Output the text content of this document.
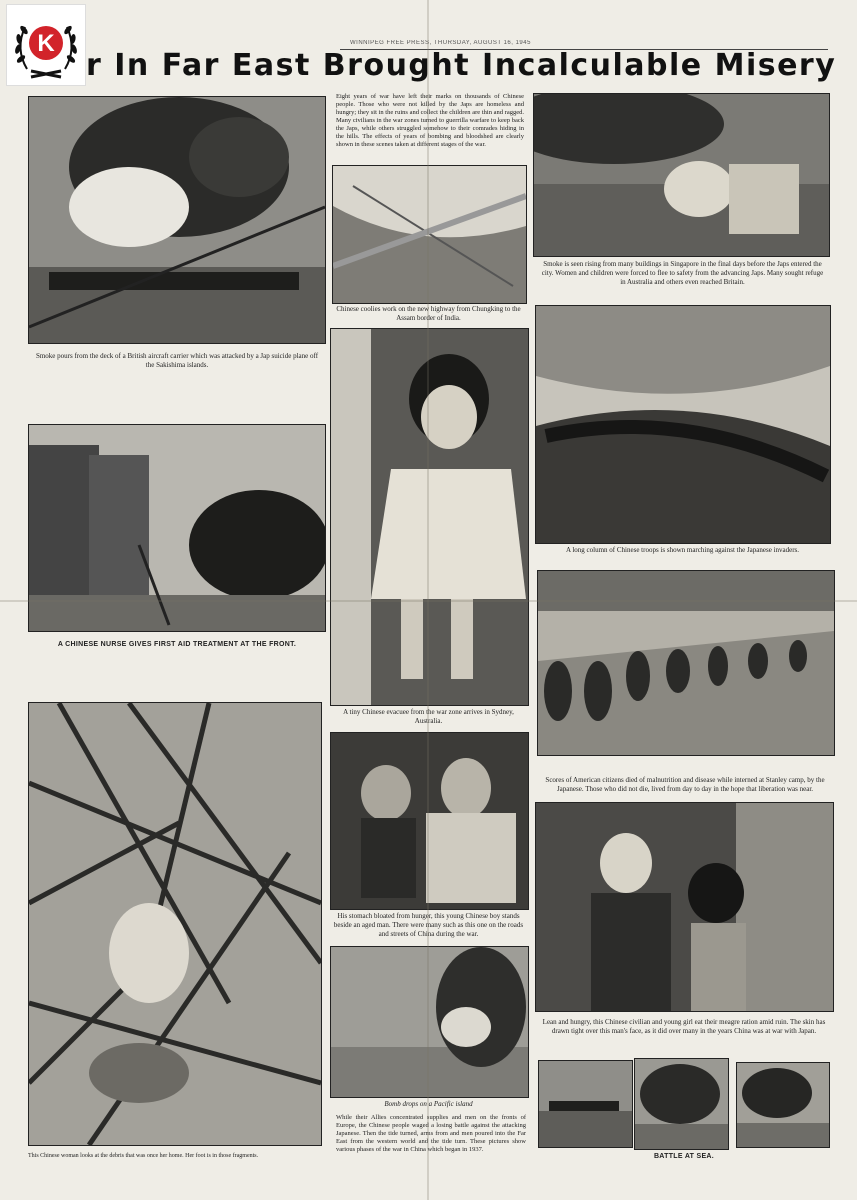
K	WINNIPEG FREE PRESS, THURSDAY, AUGUST 16, 1945
r In Far East Brought Incalculable Misery
Smoke pours from the deck of a British aircraft carrier which was attacked by a Jap suicide plane off the Sakishima islands.
A CHINESE NURSE GIVES FIRST AID TREATMENT AT THE FRONT.
This Chinese woman looks at the debris that was once her home. Her foot is in those fragments.
Eight years of war have left their marks on thousands of Chinese people. Those who were not killed by the Japs are homeless and hungry; they sit in the ruins and collect the children are thin and ragged. Many civilians in the war zones turned to guerrilla warfare to keep back the Japs, while others struggled somehow to their comrades hiding in the hills. The effects of years of bombing and bloodshed are clearly shown in these scenes taken at different stages of the war.
Chinese coolies work on the new highway from Chungking to the Assam border of India.
A tiny Chinese evacuee from the war zone arrives in Sydney, Australia.
His stomach bloated from hunger, this young Chinese boy stands beside an aged man. There were many such as this one on the roads and streets of China during the war.
Bomb drops on a Pacific island
While their Allies concentrated supplies and men on the fronts of Europe, the Chinese people waged a losing battle against the attacking Japanese. Then the tide turned, arms from and men poured into the Far East from the western world and the tide turn. These pictures show various phases of the war in China which began in 1937.
Smoke is seen rising from many buildings in Singapore in the final days before the Japs entered the city. Women and children were forced to flee to safety from the advancing Japs. Many sought refuge in Australia and others even reached Britain.
A long column of Chinese troops is shown marching against the Japanese invaders.
Scores of American citizens died of malnutrition and disease while interned at Stanley camp, by the Japanese. Those who did not die, lived from day to day in the hope that liberation was near.
Lean and hungry, this Chinese civilian and young girl eat their meagre ration amid ruin. The skin has drawn tight over this man's face, as it did over many in the years China was at war with Japan.
BATTLE AT SEA.
